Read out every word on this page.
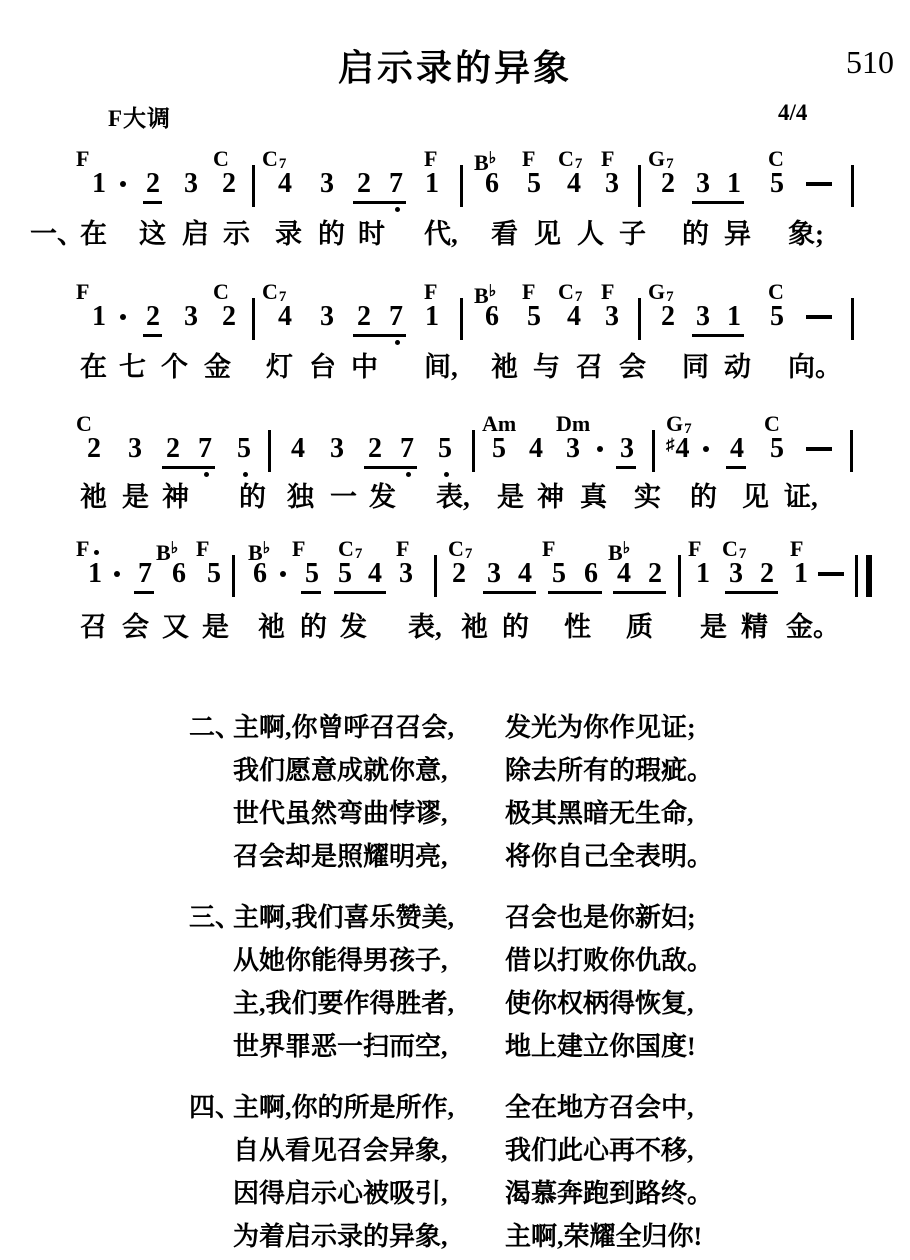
启示录的异象	510
F大调	4/4
F	C $C_7$	F B♭ F $C_7$ F $G_7$	C
1 2 3 2 4 3 2 7 1 6 5 4 3 2 3 1 5
一、
在 这 启 示 录 的 时 代, 看 见 人 子 的 异 象;
F	C $C_7$	F B♭ F $C_7$ F $G_7$	C
1 2 3 2 4 3 2 7 1 6 5 4 3 2 3 1 5
在 七 个 金 灯 台 中 间, 祂 与 召 会 同 动 向。
C	Am Dm	$G_7$	C
2 3 2 7 5 4 3 2 7 5 5 4 3 3 ♯4 4 5
祂 是 神 的 独 一 发 表, 是 神 真 实 的 见 证,
F	B♭ F B♭ F $C_7$ F $C_7$	F B♭	F $C_7$ F
1 7 6 5 6 5 5 4 3 2 3 4 5 6 4 2 1 3 2 1
召 会 又 是 祂 的 发 表, 祂 的 性 质 是 精 金。
二、
主啊,你曾呼召召会,	发光为你作见证;
我们愿意成就你意,	除去所有的瑕疵。
世代虽然弯曲悖谬,	极其黑暗无生命,
召会却是照耀明亮,	将你自己全表明。
三、
主啊,我们喜乐赞美,	召会也是你新妇;
从她你能得男孩子,	借以打败你仇敌。
主,我们要作得胜者,	使你权柄得恢复,
世界罪恶一扫而空,	地上建立你国度!
四、
主啊,你的所是所作,	全在地方召会中,
自从看见召会异象,	我们此心再不移,
因得启示心被吸引,	渴慕奔跑到路终。
为着启示录的异象,	主啊,荣耀全归你!
